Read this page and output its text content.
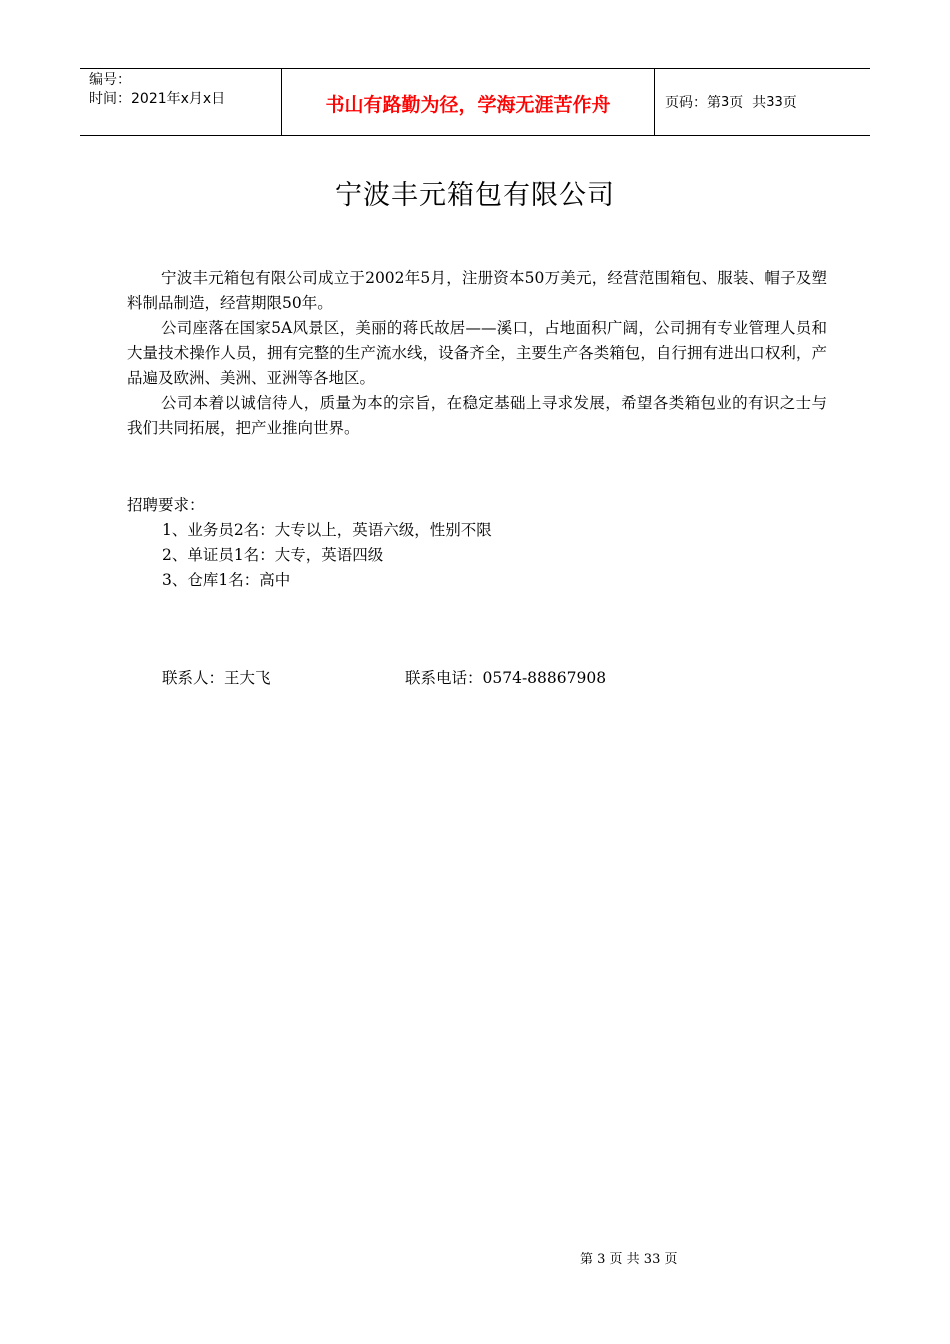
编号：
时间：2021年x月x日	书山有路勤为径，学海无涯苦作舟	页码：第 3 页  共 33 页
宁波丰元箱包有限公司

宁波丰元箱包有限公司成立于2002年5月，注册资本50万美元，经营范围箱包、服装、帽子及塑料制品制造，经营期限50年。

公司座落在国家5A风景区，美丽的蒋氏故居——溪口，占地面积广阔，公司拥有专业管理人员和大量技术操作人员，拥有完整的生产流水线，设备齐全，主要生产各类箱包，自行拥有进出口权利，产品遍及欧洲、美洲、亚洲等各地区。

公司本着以诚信待人，质量为本的宗旨，在稳定基础上寻求发展，希望各类箱包业的有识之士与我们共同拓展，把产业推向世界。

招聘要求：

1、业务员2名：大专以上，英语六级，性别不限

2、单证员1名：大专，英语四级

3、仓库1名：高中

联系人：王大飞	联系电话：0574-88867908
第 3 页 共 33 页
